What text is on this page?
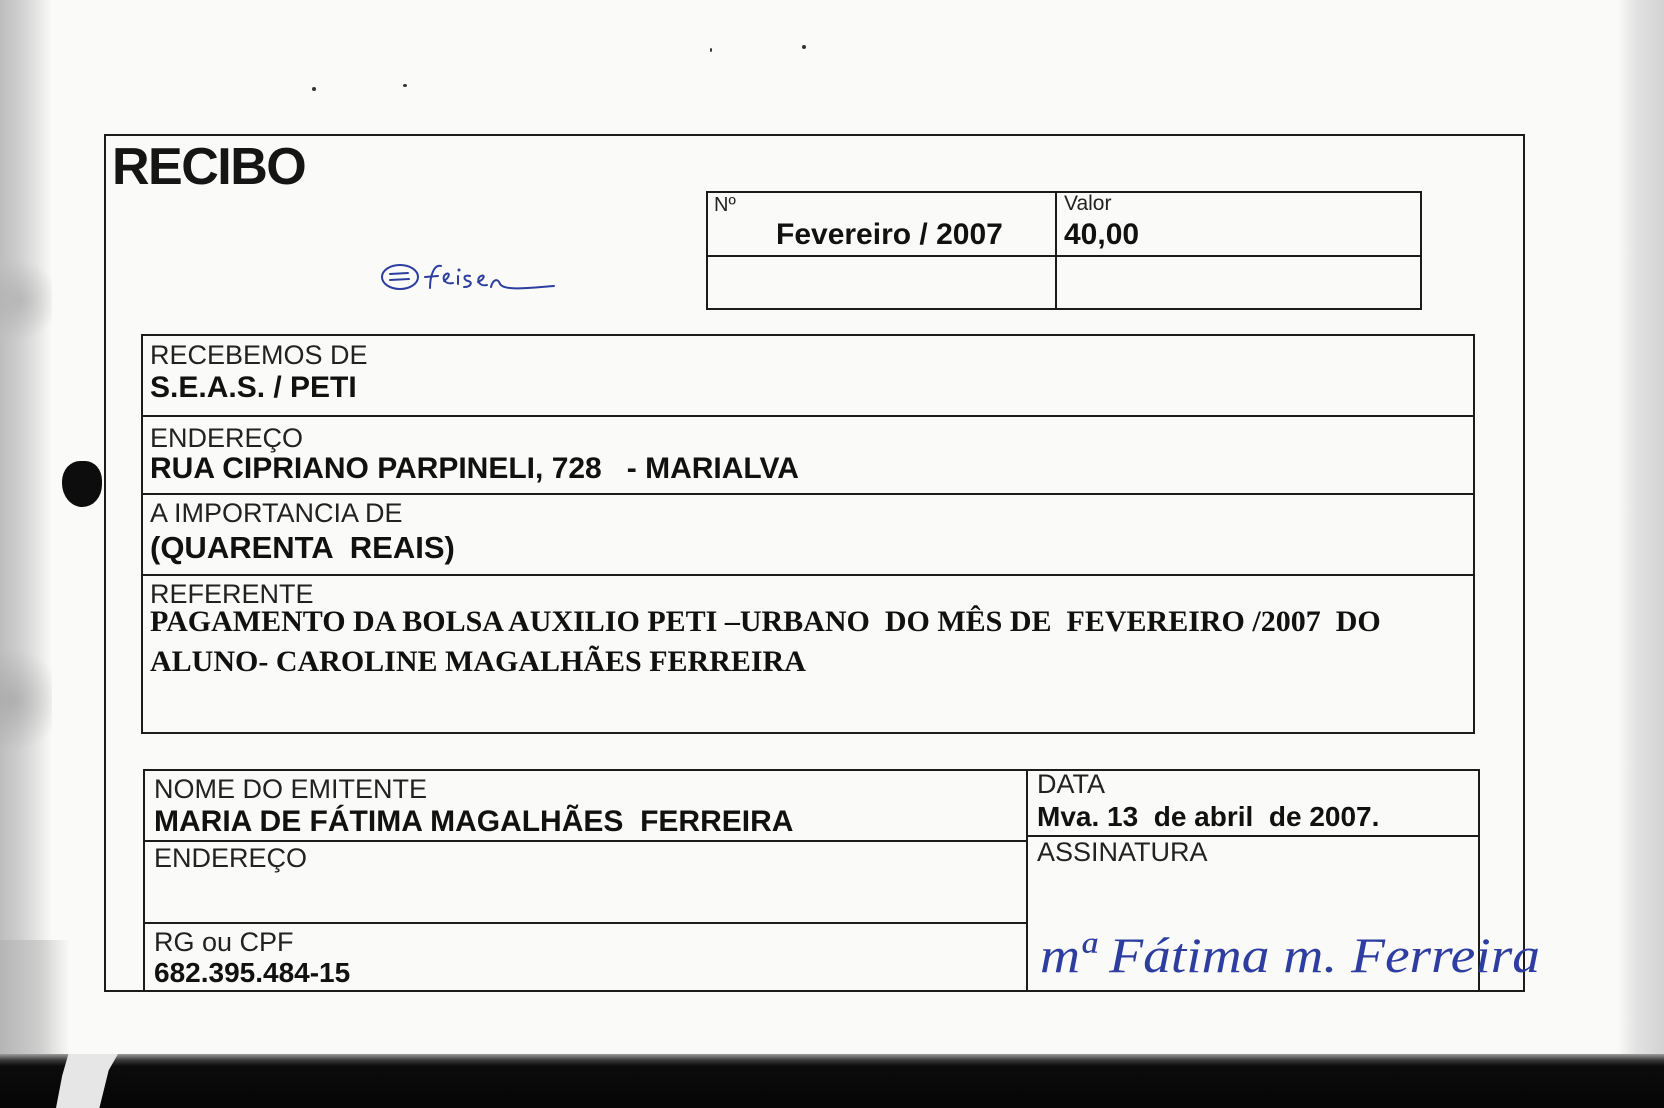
RECIBO
Nº
Fevereiro / 2007
Valor
40,00
RECEBEMOS DE
S.E.A.S. / PETI
ENDEREÇO
RUA CIPRIANO PARPINELI, 728   - MARIALVA
A IMPORTANCIA DE
(QUARENTA  REAIS)
REFERENTE
PAGAMENTO DA BOLSA AUXILIO PETI –URBANO  DO MÊS DE  FEVEREIRO /2007  DO
ALUNO- CAROLINE MAGALHÃES FERREIRA
NOME DO EMITENTE
MARIA DE FÁTIMA MAGALHÃES  FERREIRA
ENDEREÇO
RG ou CPF
682.395.484-15
DATA
Mva. 13  de abril  de 2007.
ASSINATURA
mª Fátima m. Ferreira
